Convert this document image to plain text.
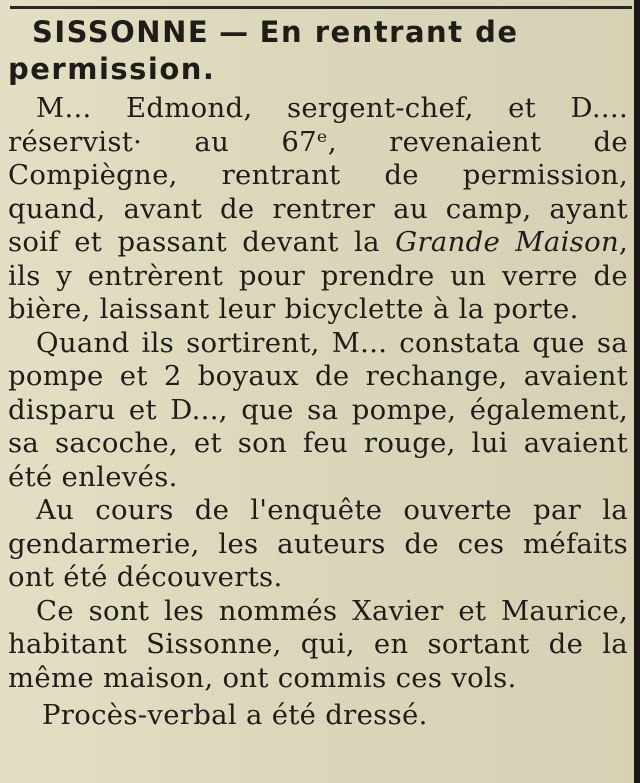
SISSONNE — En rentrant de permission.

M... Edmond, sergent-chef, et D.... réservist· au 67ᵉ, revenaient de Compiègne, rentrant de permission, quand, avant de rentrer au camp, ayant soif et passant devant la Grande Maison, ils y entrèrent pour prendre un verre de bière, laissant leur bicyclette à la porte.

Quand ils sortirent, M... constata que sa pompe et 2 boyaux de rechange, avaient disparu et D..., que sa pompe, également, sa sacoche, et son feu rouge, lui avaient été enlevés.

Au cours de l'enquête ouverte par la gendarmerie, les auteurs de ces méfaits ont été découverts.

Ce sont les nommés Xavier et Maurice, habitant Sissonne, qui, en sortant de la même maison, ont commis ces vols.

Procès-verbal a été dressé.
